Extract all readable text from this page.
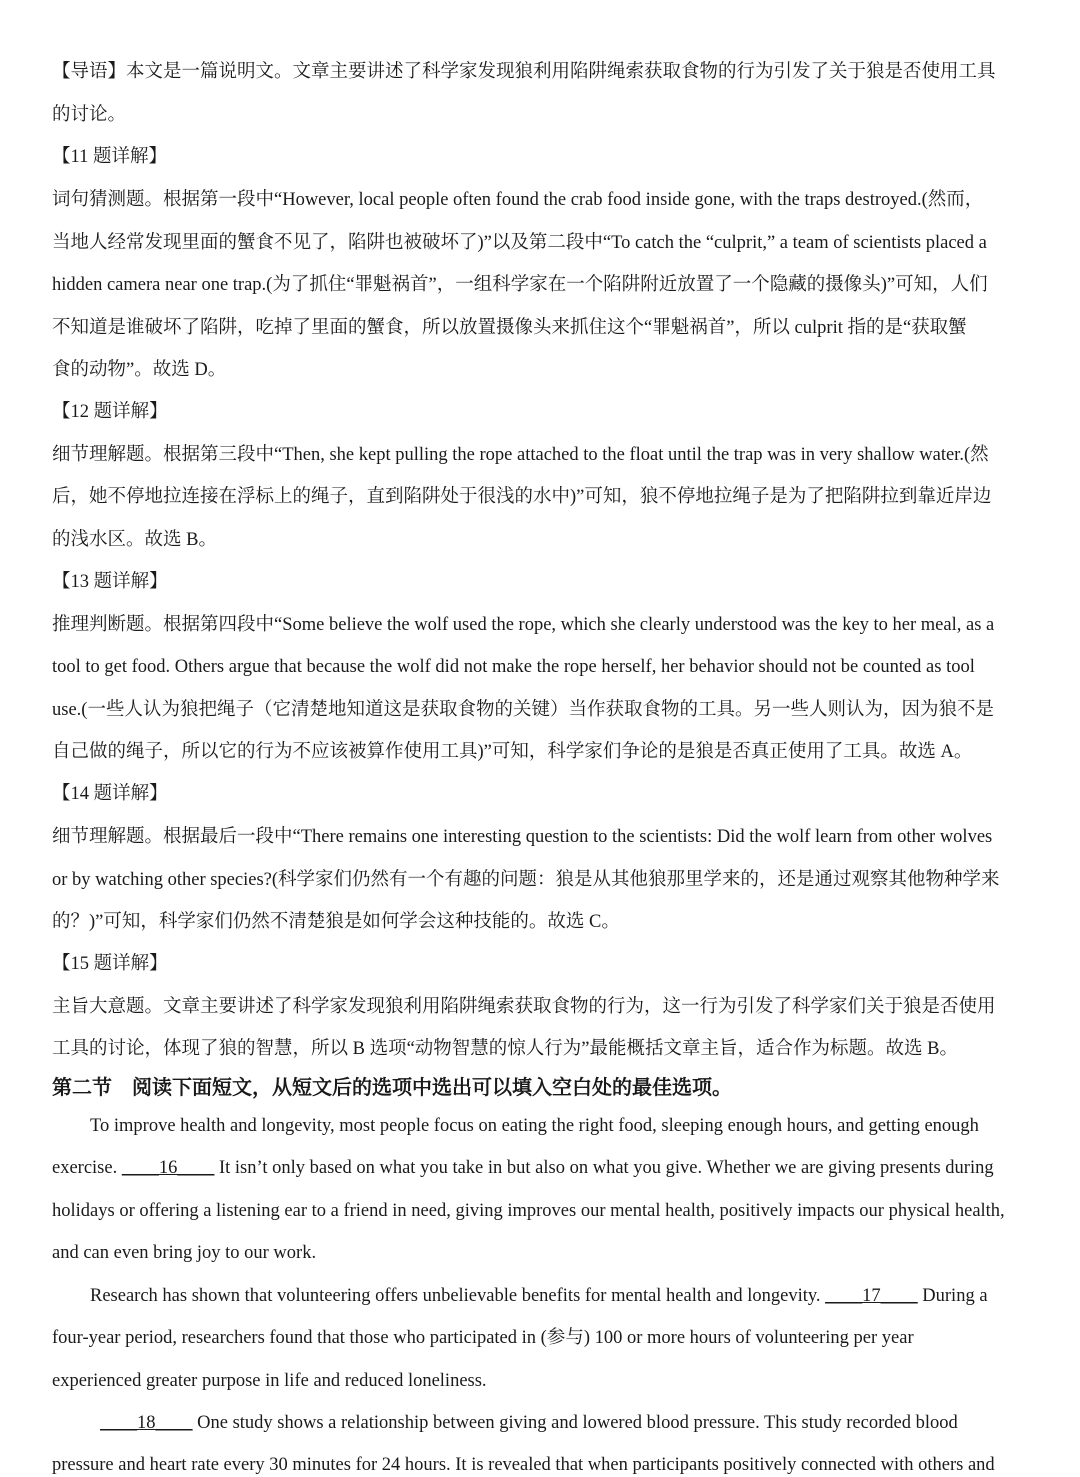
【导语】本文是一篇说明文。文章主要讲述了科学家发现狼利用陷阱绳索获取食物的行为引发了关于狼是否使用工具
的讨论。
【11 题详解】
词句猜测题。根据第一段中“However, local people often found the crab food inside gone, with the traps destroyed.(然而，
当地人经常发现里面的蟹食不见了，陷阱也被破坏了)”以及第二段中“To catch the “culprit,” a team of scientists placed a
hidden camera near one trap.(为了抓住“罪魁祸首”，一组科学家在一个陷阱附近放置了一个隐藏的摄像头)”可知，人们
不知道是谁破坏了陷阱，吃掉了里面的蟹食，所以放置摄像头来抓住这个“罪魁祸首”，所以 culprit 指的是“获取蟹
食的动物”。故选 D。
【12 题详解】
细节理解题。根据第三段中“Then, she kept pulling the rope attached to the float until the trap was in very shallow water.(然
后，她不停地拉连接在浮标上的绳子，直到陷阱处于很浅的水中)”可知，狼不停地拉绳子是为了把陷阱拉到靠近岸边
的浅水区。故选 B。
【13 题详解】
推理判断题。根据第四段中“Some believe the wolf used the rope, which she clearly understood was the key to her meal, as a
tool to get food. Others argue that because the wolf did not make the rope herself, her behavior should not be counted as tool
use.(一些人认为狼把绳子（它清楚地知道这是获取食物的关键）当作获取食物的工具。另一些人则认为，因为狼不是
自己做的绳子，所以它的行为不应该被算作使用工具)”可知，科学家们争论的是狼是否真正使用了工具。故选 A。
【14 题详解】
细节理解题。根据最后一段中“There remains one interesting question to the scientists: Did the wolf learn from other wolves
or by watching other species?(科学家们仍然有一个有趣的问题：狼是从其他狼那里学来的，还是通过观察其他物种学来
的？)”可知，科学家们仍然不清楚狼是如何学会这种技能的。故选 C。
【15 题详解】
主旨大意题。文章主要讲述了科学家发现狼利用陷阱绳索获取食物的行为，这一行为引发了科学家们关于狼是否使用
工具的讨论，体现了狼的智慧，所以 B 选项“动物智慧的惊人行为”最能概括文章主旨，适合作为标题。故选 B。
第二节　阅读下面短文，从短文后的选项中选出可以填入空白处的最佳选项。
To improve health and longevity, most people focus on eating the right food, sleeping enough hours, and getting enough
exercise. ____16____ It isn’t only based on what you take in but also on what you give. Whether we are giving presents during
holidays or offering a listening ear to a friend in need, giving improves our mental health, positively impacts our physical health,
and can even bring joy to our work.
Research has shown that volunteering offers unbelievable benefits for mental health and longevity. ____17____ During a
four-year period, researchers found that those who participated in (参与) 100 or more hours of volunteering per year
experienced greater purpose in life and reduced loneliness.
____18____ One study shows a relationship between giving and lowered blood pressure. This study recorded blood
pressure and heart rate every 30 minutes for 24 hours. It is revealed that when participants positively connected with others and
